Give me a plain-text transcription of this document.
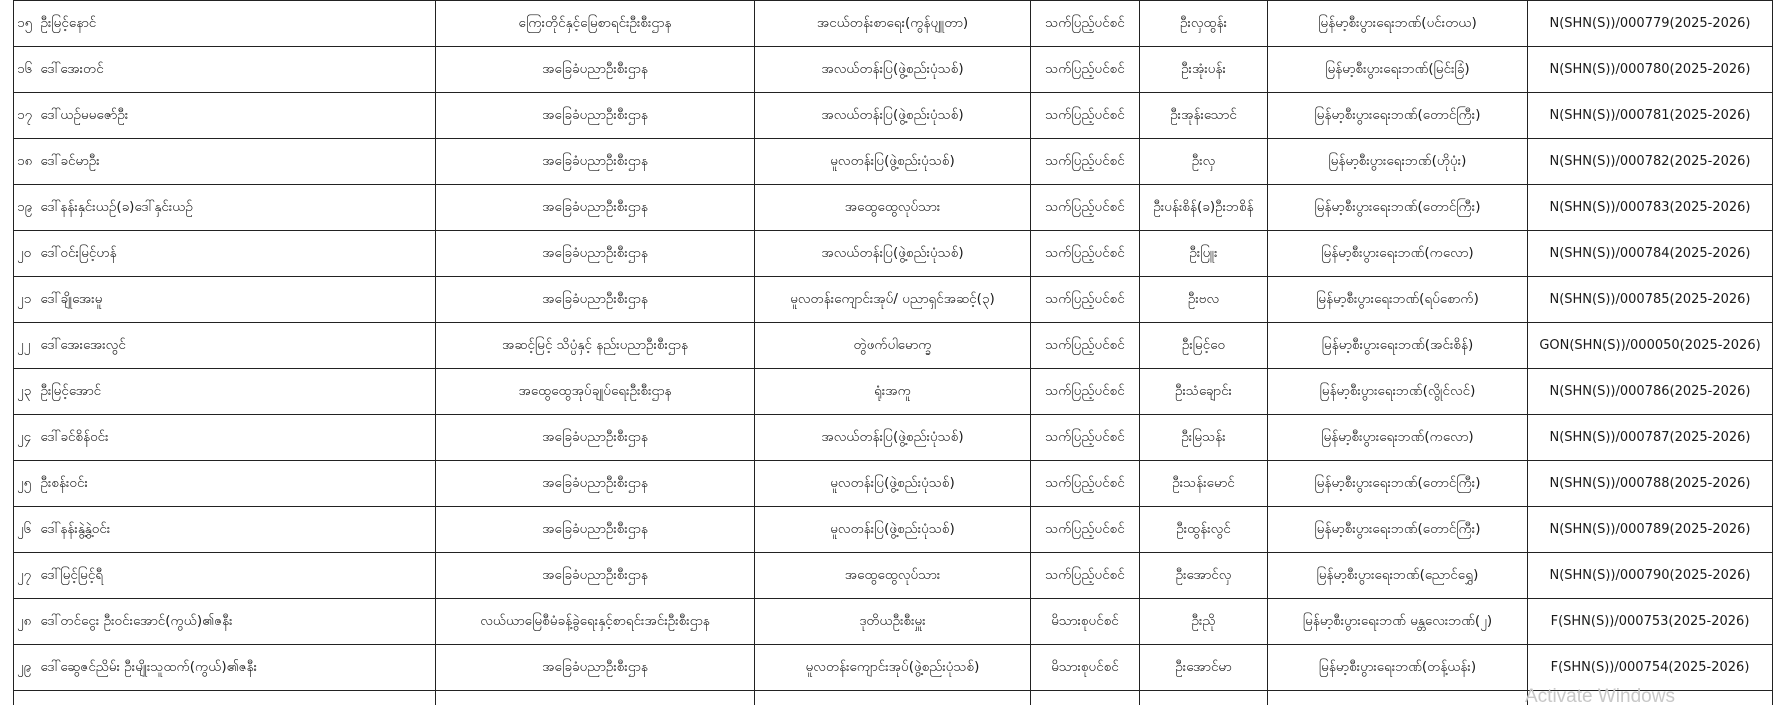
၁၅	ဦးမြင့်နောင်	ကြေးတိုင်နှင့်မြေစာရင်းဦးစီးဌာန	အငယ်တန်းစာရေး(ကွန်ပျူတာ)	သက်ပြည့်ပင်စင်	ဦးလှထွန်း	မြန်မာ့စီးပွားရေးဘဏ်(ပင်းတယ)	N(SHN(S))/000779(2025-2026)
၁၆	ဒေါ်အေးတင်	အခြေခံပညာဦးစီးဌာန	အလယ်တန်းပြ(ဖွဲ့စည်းပုံသစ်)	သက်ပြည့်ပင်စင်	ဦးအုံးပန်း	မြန်မာ့စီးပွားရေးဘဏ်(မြင်းခြံ)	N(SHN(S))/000780(2025-2026)
၁၇	ဒေါ်ယဉ်မမဇော်ဦး	အခြေခံပညာဦးစီးဌာန	အလယ်တန်းပြ(ဖွဲ့စည်းပုံသစ်)	သက်ပြည့်ပင်စင်	ဦးအုန်းသောင်	မြန်မာ့စီးပွားရေးဘဏ်(တောင်ကြီး)	N(SHN(S))/000781(2025-2026)
၁၈	ဒေါ်ခင်မာဦး	အခြေခံပညာဦးစီးဌာန	မူလတန်းပြ(ဖွဲ့စည်းပုံသစ်)	သက်ပြည့်ပင်စင်	ဦးလှ	မြန်မာ့စီးပွားရေးဘဏ်(ဟိုပုံး)	N(SHN(S))/000782(2025-2026)
၁၉	ဒေါ်နန်းနှင်းယဉ်(ခ)ဒေါ်နှင်းယဉ်	အခြေခံပညာဦးစီးဌာန	အထွေထွေလုပ်သား	သက်ပြည့်ပင်စင်	ဦးပန်းစိန်(ခ)ဦးဘစိန်	မြန်မာ့စီးပွားရေးဘဏ်(တောင်ကြီး)	N(SHN(S))/000783(2025-2026)
၂၀	ဒေါ်ဝင်းမြင့်ဟန်	အခြေခံပညာဦးစီးဌာန	အလယ်တန်းပြ(ဖွဲ့စည်းပုံသစ်)	သက်ပြည့်ပင်စင်	ဦးပြူး	မြန်မာ့စီးပွားရေးဘဏ်(ကလော)	N(SHN(S))/000784(2025-2026)
၂၁	ဒေါ်ချိုအေးမူ	အခြေခံပညာဦးစီးဌာန	မူလတန်းကျောင်းအုပ်/ ပညာရှင်အဆင့်(၃)	သက်ပြည့်ပင်စင်	ဦးဗလ	မြန်မာ့စီးပွားရေးဘဏ်(ရပ်စောက်)	N(SHN(S))/000785(2025-2026)
၂၂	ဒေါ်အေးအေးလွင်	အဆင့်မြင့် သိပ္ပံနှင့် နည်းပညာဦးစီးဌာန	တွဲဖက်ပါမောက္ခ	သက်ပြည့်ပင်စင်	ဦးမြင့်ဝေ	မြန်မာ့စီးပွားရေးဘဏ်(အင်းစိန်)	GON(SHN(S))/000050(2025-2026)
၂၃	ဦးမြင့်အောင်	အထွေထွေအုပ်ချုပ်ရေးဦးစီးဌာန	ရုံးအကူ	သက်ပြည့်ပင်စင်	ဦးသံချောင်း	မြန်မာ့စီးပွားရေးဘဏ်(လွိုင်လင်)	N(SHN(S))/000786(2025-2026)
၂၄	ဒေါ်ခင်စိန်ဝင်း	အခြေခံပညာဦးစီးဌာန	အလယ်တန်းပြ(ဖွဲ့စည်းပုံသစ်)	သက်ပြည့်ပင်စင်	ဦးမြသန်း	မြန်မာ့စီးပွားရေးဘဏ်(ကလော)	N(SHN(S))/000787(2025-2026)
၂၅	ဦးစန်းဝင်း	အခြေခံပညာဦးစီးဌာန	မူလတန်းပြ(ဖွဲ့စည်းပုံသစ်)	သက်ပြည့်ပင်စင်	ဦးသန်းမောင်	မြန်မာ့စီးပွားရေးဘဏ်(တောင်ကြီး)	N(SHN(S))/000788(2025-2026)
၂၆	ဒေါ်နန်းနွဲ့နွဲ့ဝင်း	အခြေခံပညာဦးစီးဌာန	မူလတန်းပြ(ဖွဲ့စည်းပုံသစ်)	သက်ပြည့်ပင်စင်	ဦးထွန်းလွင်	မြန်မာ့စီးပွားရေးဘဏ်(တောင်ကြီး)	N(SHN(S))/000789(2025-2026)
၂၇	ဒေါ်မြင့်မြင့်ရီ	အခြေခံပညာဦးစီးဌာန	အထွေထွေလုပ်သား	သက်ပြည့်ပင်စင်	ဦးအောင်လှ	မြန်မာ့စီးပွားရေးဘဏ်(ညောင်ရွှေ)	N(SHN(S))/000790(2025-2026)
၂၈	ဒေါ်တင်ငွေး ဦးဝင်းအောင်(ကွယ်)၏ဇနီး	လယ်ယာမြေစီမံခန့်ခွဲရေးနှင့်စာရင်းအင်းဦးစီးဌာန	ဒုတိယဦးစီးမှူး	မိသားစုပင်စင်	ဦးညို	မြန်မာ့စီးပွားရေးဘဏ် မန္တလေးဘဏ်(၂)	F(SHN(S))/000753(2025-2026)
၂၉	ဒေါ်ဆွေဇင်ညိမ်း ဦးမျိုးသူထက်(ကွယ်)၏ဇနီး	အခြေခံပညာဦးစီးဌာန	မူလတန်းကျောင်းအုပ်(ဖွဲ့စည်းပုံသစ်)	မိသားစုပင်စင်	ဦးအောင်မာ	မြန်မာ့စီးပွားရေးဘဏ်(တန့်ယန်း)	F(SHN(S))/000754(2025-2026)

Activate Windows
